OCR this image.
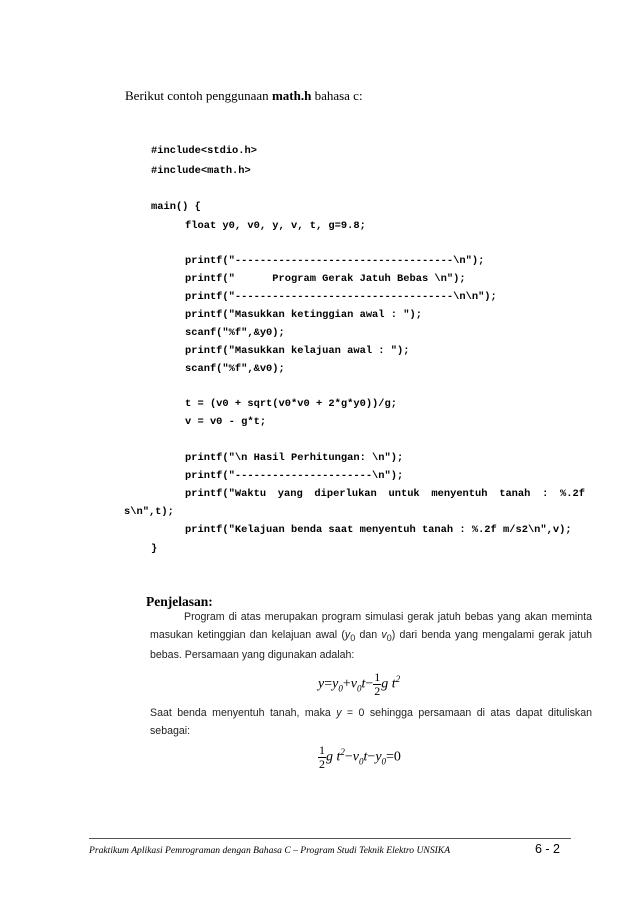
Berikut contoh penggunaan math.h bahasa c:
#include<stdio.h>
#include<math.h>
main() {
float y0, v0, y, v, t, g=9.8;
printf("-----------------------------------\n");
printf("      Program Gerak Jatuh Bebas \n");
printf("-----------------------------------\n\n");
printf("Masukkan ketinggian awal : ");
scanf("%f",&y0);
printf("Masukkan kelajuan awal : ");
scanf("%f",&v0);
t = (v0 + sqrt(v0*v0 + 2*g*y0))/g;
v = v0 - g*t;
printf("\n Hasil Perhitungan: \n");
printf("----------------------\n");
printf("Waktu yang diperlukan untuk menyentuh tanah : %.2f
s\n",t);
printf("Kelajuan benda saat menyentuh tanah : %.2f m/s2\n",v);
}
Penjelasan:
Program di atas merupakan program simulasi gerak jatuh bebas yang akan meminta masukan ketinggian dan kelajuan awal ($y_0$ dan $v_0$) dari benda yang mengalami gerak jatuh bebas. Persamaan yang digunakan adalah:
$y=y_0+v_0t- \frac{1}{2}$ g $t^2$
Saat benda menyentuh tanah, maka y = 0 sehingga persamaan di atas dapat dituliskan sebagai:
$\frac{1}{2}$ g $t^2-v_0t-y_0=0$
Praktikum Aplikasi Pemrograman dengan Bahasa C – Program Studi Teknik Elektro UNSIKA	6 - 2
